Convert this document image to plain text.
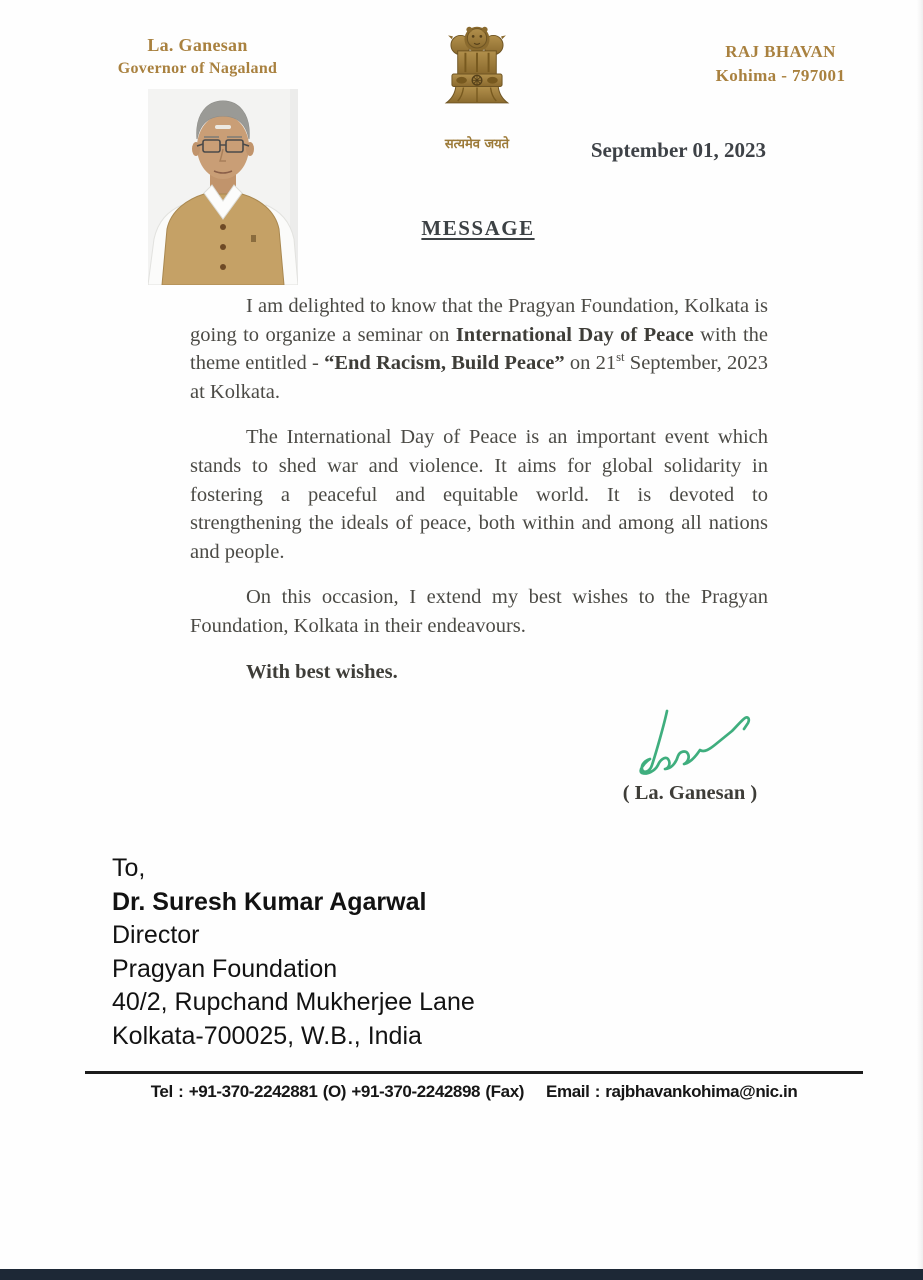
La. Ganesan
Governor of Nagaland
सत्यमेव जयते
RAJ BHAVAN
Kohima - 797001
September 01, 2023
MESSAGE

I am delighted to know that the Pragyan Foundation, Kolkata is going to organize a seminar on International Day of Peace with the theme entitled - “End Racism, Build Peace” on 21st September, 2023 at Kolkata.

The International Day of Peace is an important event which stands to shed war and violence. It aims for global solidarity in fostering a peaceful and equitable world. It is devoted to strengthening the ideals of peace, both within and among all nations and people.

On this occasion, I extend my best wishes to the Pragyan Foundation, Kolkata in their endeavours.

With best wishes.

( La. Ganesan )
To,
Dr. Suresh Kumar Agarwal
Director
Pragyan Foundation
40/2, Rupchand Mukherjee Lane
Kolkata-700025, W.B., India
Tel : +91-370-2242881 (O) +91-370-2242898 (Fax) Email : rajbhavankohima@nic.in
